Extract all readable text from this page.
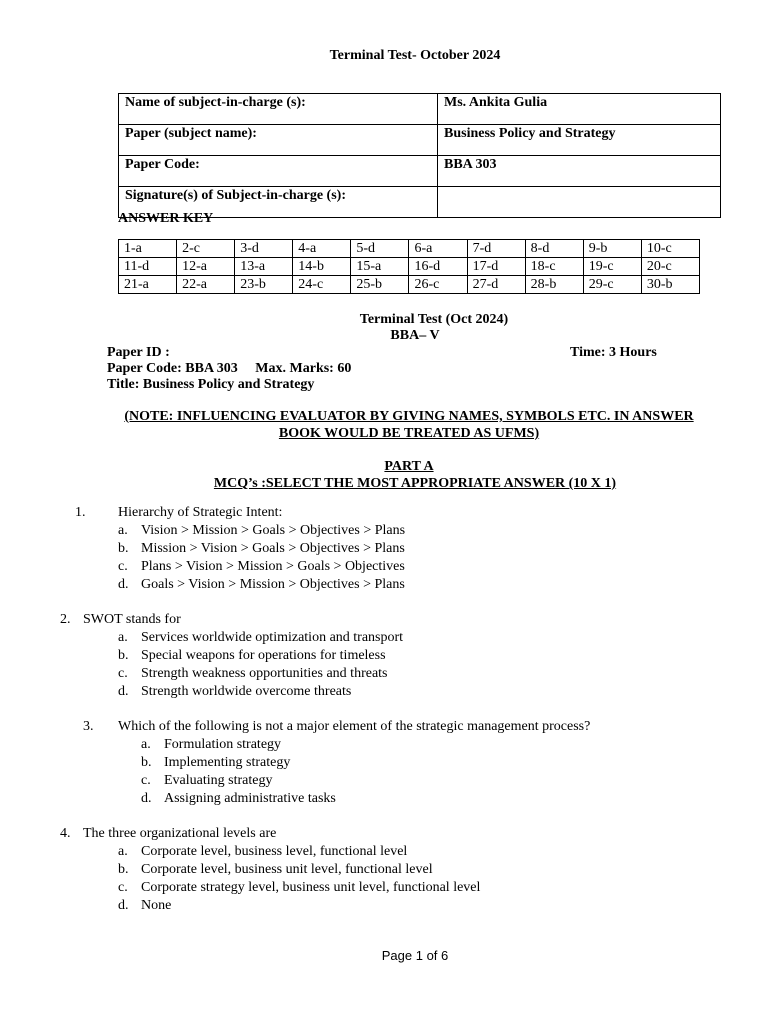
Terminal Test- October 2024
Name of subject-in-charge (s):	Ms. Ankita Gulia
Paper (subject name):	Business Policy and Strategy
Paper Code:	BBA 303
Signature(s) of Subject-in-charge (s):	
ANSWER KEY
1-a	2-c	3-d	4-a	5-d	6-a	7-d	8-d	9-b	10-c
11-d	12-a	13-a	14-b	15-a	16-d	17-d	18-c	19-c	20-c
21-a	22-a	23-b	24-c	25-b	26-c	27-d	28-b	29-c	30-b
Terminal Test (Oct 2024)
BBA– V
Paper ID :	Time: 3 Hours
Paper Code: BBA 303     Max. Marks: 60
Title: Business Policy and Strategy
(NOTE: INFLUENCING EVALUATOR BY GIVING NAMES, SYMBOLS ETC. IN ANSWER
BOOK WOULD BE TREATED AS UFMS)
PART A
MCQ’s :SELECT THE MOST APPROPRIATE ANSWER (10 X 1)
1. Hierarchy of Strategic Intent:
a. Vision > Mission > Goals > Objectives > Plans
b. Mission > Vision > Goals > Objectives > Plans
c. Plans > Vision > Mission > Goals > Objectives
d. Goals > Vision > Mission > Objectives > Plans
2. SWOT stands for
a. Services worldwide optimization and transport
b. Special weapons for operations for timeless
c. Strength weakness opportunities and threats
d. Strength worldwide overcome threats
3. Which of the following is not a major element of the strategic management process?
a. Formulation strategy
b. Implementing strategy
c. Evaluating strategy
d. Assigning administrative tasks
4. The three organizational levels are
a. Corporate level, business level, functional level
b. Corporate level, business unit level, functional level
c. Corporate strategy level, business unit level, functional level
d. None
Page 1 of 6
